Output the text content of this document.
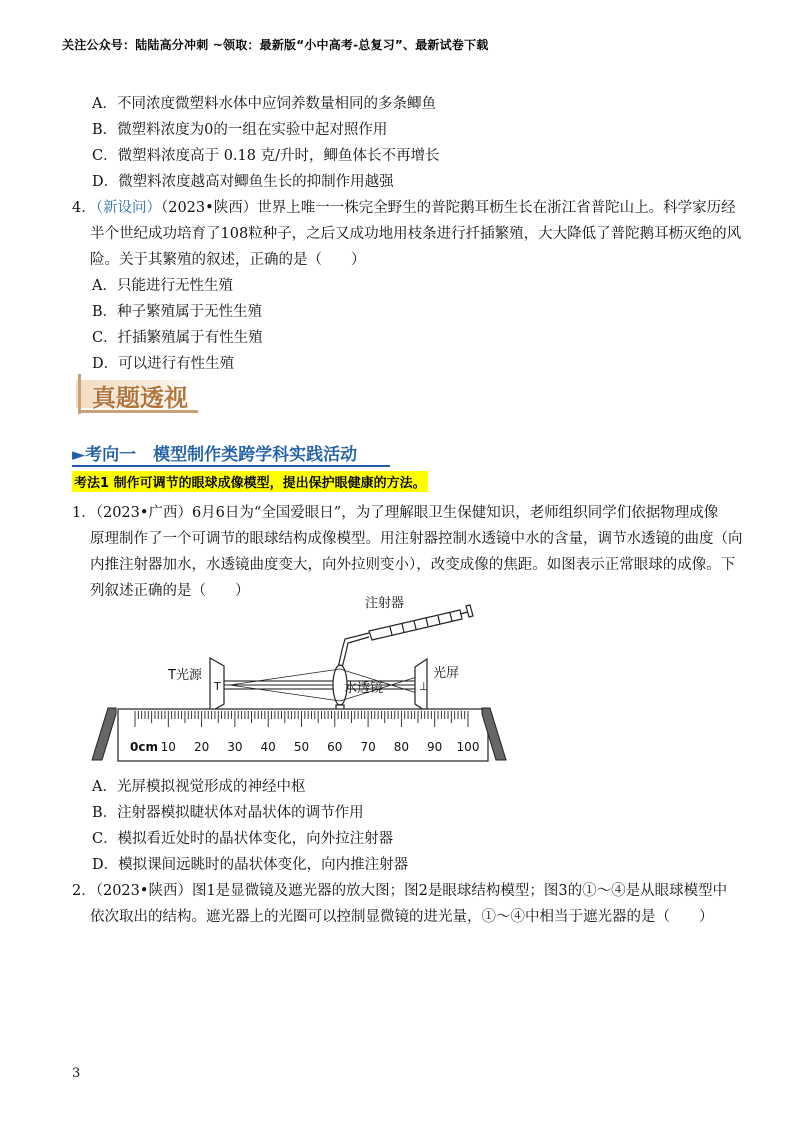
关注公众号：陆陆高分冲刺 ~领取：最新版“小中高考-总复习”、最新试卷下载
A．不同浓度微塑料水体中应饲养数量相同的多条鲫鱼
B．微塑料浓度为0的一组在实验中起对照作用
C．微塑料浓度高于 0.18 克/升时，鲫鱼体长不再增长
D．微塑料浓度越高对鲫鱼生长的抑制作用越强
4．（新设问）（2023•陕西）世界上唯一一株完全野生的普陀鹅耳枥生长在浙江省普陀山上。科学家历经
半个世纪成功培育了108粒种子，之后又成功地用枝条进行扦插繁殖，大大降低了普陀鹅耳枥灭绝的风
险。关于其繁殖的叙述，正确的是（　　）
A．只能进行无性生殖
B．种子繁殖属于无性生殖
C．扦插繁殖属于有性生殖
D．可以进行有性生殖
真题透视
►考向一　模型制作类跨学科实践活动
考法1 制作可调节的眼球成像模型，提出保护眼健康的方法。
1．（2023•广西）6月6日为“全国爱眼日”，为了理解眼卫生保健知识，老师组织同学们依据物理成像
原理制作了一个可调节的眼球结构成像模型。用注射器控制水透镜中水的含量，调节水透镜的曲度（向
内推注射器加水，水透镜曲度变大，向外拉则变小），改变成像的焦距。如图表示正常眼球的成像。下
列叙述正确的是（　　）
注射器
T
T光源
水透镜	⊥
光屏
0cm 10 20 30 40 50 60 70 80 90 100
A．光屏模拟视觉形成的神经中枢
B．注射器模拟睫状体对晶状体的调节作用
C．模拟看近处时的晶状体变化，向外拉注射器
D．模拟课间远眺时的晶状体变化，向内推注射器
2．（2023•陕西）图1是显微镜及遮光器的放大图；图2是眼球结构模型；图3的①～④是从眼球模型中
依次取出的结构。遮光器上的光圈可以控制显微镜的进光量，①～④中相当于遮光器的是（　　）
3
